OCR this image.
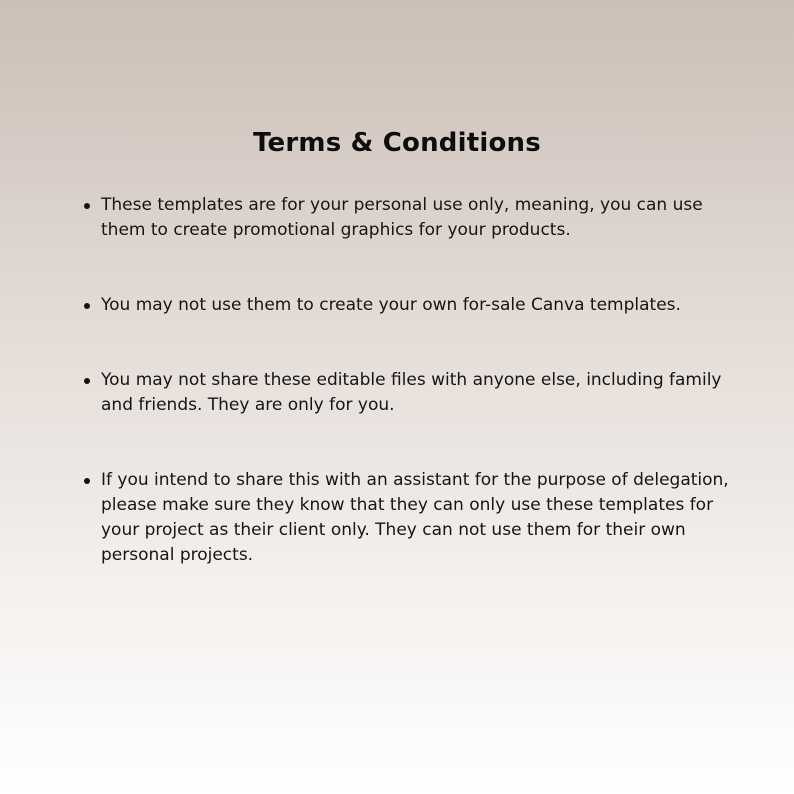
Terms & Conditions
These templates are for your personal use only, meaning, you can use them to create promotional graphics for your products.
You may not use them to create your own for-sale Canva templates.
You may not share these editable files with anyone else, including family and friends. They are only for you.
If you intend to share this with an assistant for the purpose of delegation, please make sure they know that they can only use these templates for your project as their client only. They can not use them for their own personal projects.
